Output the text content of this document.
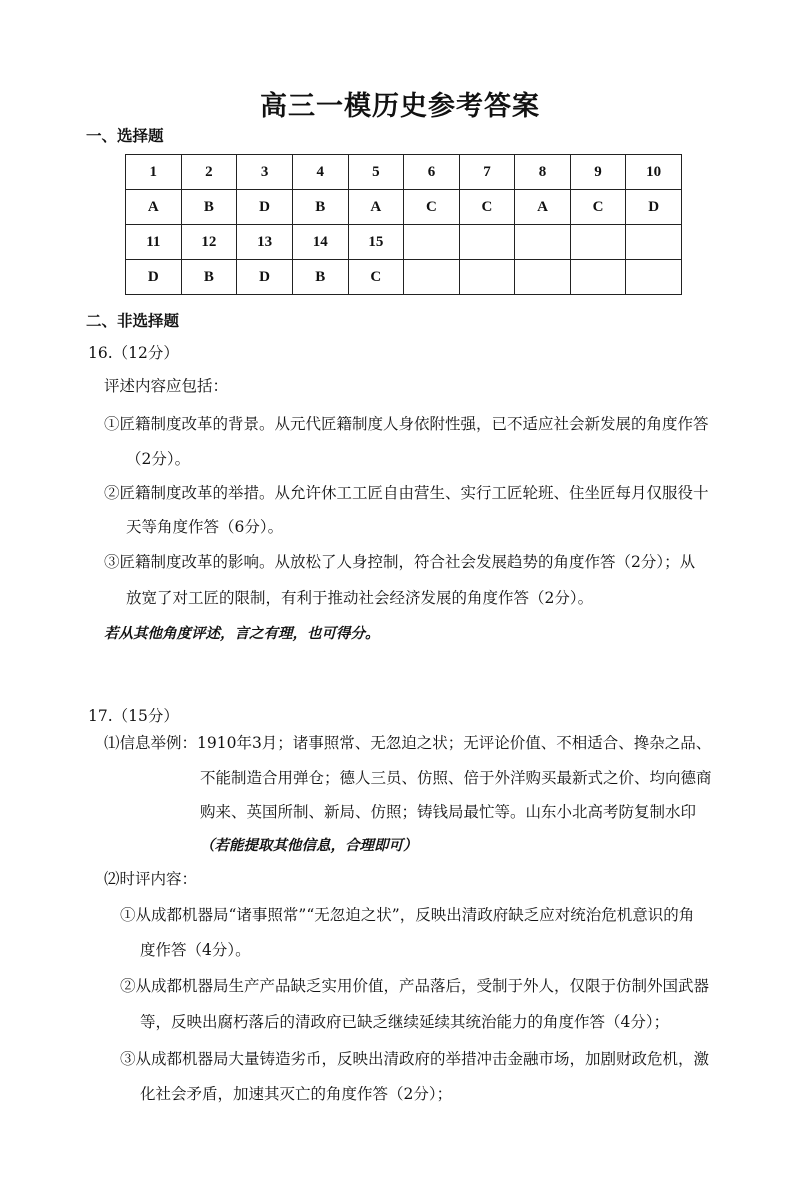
高三一模历史参考答案
一、选择题
1	2	3	4	5	6	7	8	9	10
A	B	D	B	A	C	C	A	C	D
11	12	13	14	15					
D	B	D	B	C					
二、非选择题
16.（12分）
评述内容应包括：
①匠籍制度改革的背景。从元代匠籍制度人身依附性强，已不适应社会新发展的角度作答
（2分）。
②匠籍制度改革的举措。从允许休工工匠自由营生、实行工匠轮班、住坐匠每月仅服役十
天等角度作答（6分）。
③匠籍制度改革的影响。从放松了人身控制，符合社会发展趋势的角度作答（2分）；从
放宽了对工匠的限制，有利于推动社会经济发展的角度作答（2分）。
若从其他角度评述，言之有理，也可得分。
17.（15分）
⑴信息举例：1910年3月；诸事照常、无忽迫之状；无评论价值、不相适合、搀杂之品、
不能制造合用弹仓；德人三员、仿照、倍于外洋购买最新式之价、均向德商
购来、英国所制、新局、仿照；铸钱局最忙等。山东小北高考防复制水印
（若能提取其他信息，合理即可）
⑵时评内容：
①从成都机器局“诸事照常”“无忽迫之状”，反映出清政府缺乏应对统治危机意识的角
度作答（4分）。
②从成都机器局生产产品缺乏实用价值，产品落后，受制于外人，仅限于仿制外国武器
等，反映出腐朽落后的清政府已缺乏继续延续其统治能力的角度作答（4分）；
③从成都机器局大量铸造劣币，反映出清政府的举措冲击金融市场，加剧财政危机，激
化社会矛盾，加速其灭亡的角度作答（2分）；
